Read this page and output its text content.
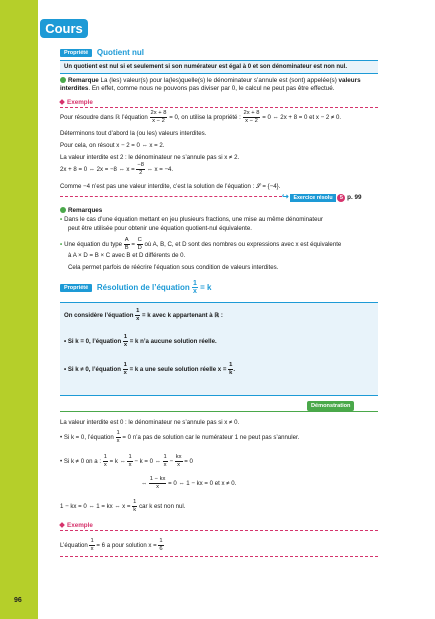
96
Cours
Propriété Quotient nul
Un quotient est nul si et seulement si son numérateur est égal à 0 et son dénominateur est non nul.
Remarque La (les) valeur(s) pour la(les)quelle(s) le dénominateur s’annule est (sont) appelée(s) valeurs interdites. En effet, comme nous ne pouvons pas diviser par 0, le calcul ne peut pas être effectué.
Exemple
Pour résoudre dans ℝ l’équation $\frac{2x + 8}{x - 2} = 0$, on utilise la propriété : $\frac{2x + 8}{x - 2} = 0$ ⇔ 2x + 8 = 0 et x − 2 ≠ 0.
Déterminons tout d’abord la (ou les) valeurs interdites.
Pour cela, on résout x − 2 = 0 ⇔ x = 2.
La valeur interdite est 2 : le dénominateur ne s’annule pas si x ≠ 2.
2x + 8 = 0 ⇔ 2x = −8 ⇔ $x = \frac{-8}{2}$ ⇔ x = −4.
Comme −4 n’est pas une valeur interdite, c’est la solution de l’équation : 𝒮 = {−4}.
↪ Exercice résolu 5 p. 99
Remarques
• Dans le cas d’une équation mettant en jeu plusieurs fractions, une mise au même dénominateur
peut être utilisée pour obtenir une équation quotient-nul équivalente.
• Une équation du type $\frac{A}{B} = \frac{C}{D}$ où A, B, C, et D sont des nombres ou expressions avec x est équivalente
à A × D = B × C avec B et D différents de 0.
Cela permet parfois de réécrire l’équation sous condition de valeurs interdites.
Propriété Résolution de l’équation $\frac{1}{x} = k$
On considère l’équation $\frac{1}{x} = k$ avec k appartenant à ℝ :
• Si k = 0, l’équation $\frac{1}{x} = k$ n’a aucune solution réelle.
• Si k ≠ 0, l’équation $\frac{1}{x} = k$ a une seule solution réelle $x = \frac{1}{k}$ .
Démonstration
La valeur interdite est 0 : le dénominateur ne s’annule pas si x ≠ 0.
• Si k = 0, l’équation $\frac{1}{x} = 0$ n’a pas de solution car le numérateur 1 ne peut pas s’annuler.
• Si k ≠ 0 on a : $\frac{1}{x} = k$ ⇔ $\frac{1}{x} - k = 0$ ⇔ $\frac{1}{x} - \frac{kx}{x} = 0$
⇔ $\frac{1 - kx}{x} = 0$ ⇔ 1 − kx = 0 et x ≠ 0.
1 − kx = 0 ⇔ 1 = kx ⇔ $x = \frac{1}{k}$ car k est non nul.
Exemple
L’équation $\frac{1}{x} = 6$ a pour solution $x = \frac{1}{6}$
